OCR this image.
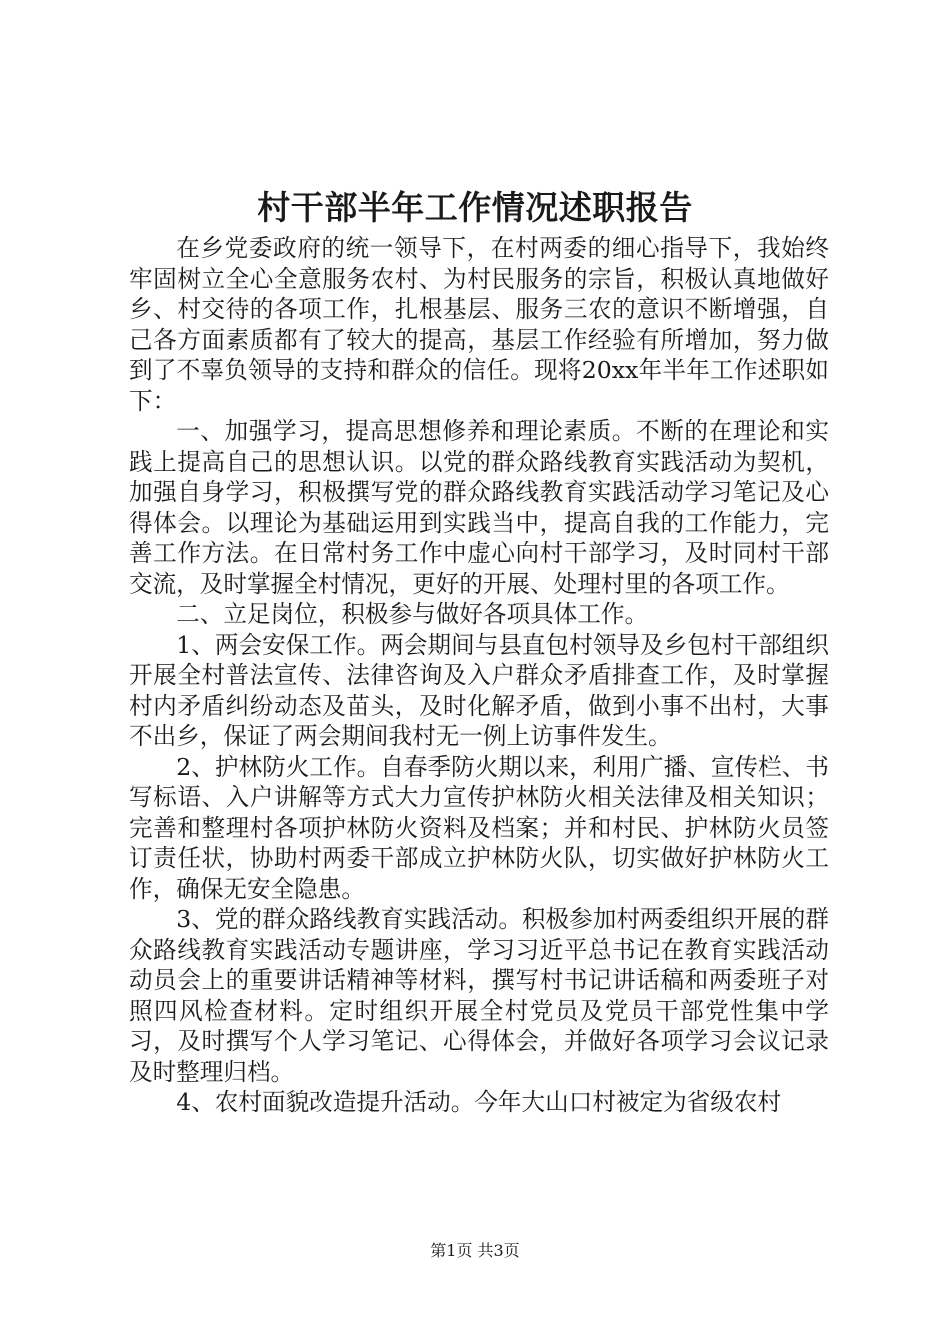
村干部半年工作情况述职报告

在乡党委政府的统一领导下，在村两委的细心指导下，我始终牢固树立全心全意服务农村、为村民服务的宗旨，积极认真地做好乡、村交待的各项工作，扎根基层、服务三农的意识不断增强，自己各方面素质都有了较大的提高，基层工作经验有所增加，努力做到了不辜负领导的支持和群众的信任。现将20xx年半年工作述职如下：

一、加强学习，提高思想修养和理论素质。不断的在理论和实践上提高自己的思想认识。以党的群众路线教育实践活动为契机，加强自身学习，积极撰写党的群众路线教育实践活动学习笔记及心得体会。以理论为基础运用到实践当中，提高自我的工作能力，完善工作方法。在日常村务工作中虚心向村干部学习，及时同村干部交流，及时掌握全村情况，更好的开展、处理村里的各项工作。

二、立足岗位，积极参与做好各项具体工作。

1、两会安保工作。两会期间与县直包村领导及乡包村干部组织开展全村普法宣传、法律咨询及入户群众矛盾排查工作，及时掌握村内矛盾纠纷动态及苗头，及时化解矛盾，做到小事不出村，大事不出乡，保证了两会期间我村无一例上访事件发生。

2、护林防火工作。自春季防火期以来，利用广播、宣传栏、书写标语、入户讲解等方式大力宣传护林防火相关法律及相关知识；完善和整理村各项护林防火资料及档案；并和村民、护林防火员签订责任状，协助村两委干部成立护林防火队，切实做好护林防火工作，确保无安全隐患。

3、党的群众路线教育实践活动。积极参加村两委组织开展的群众路线教育实践活动专题讲座，学习习近平总书记在教育实践活动动员会上的重要讲话精神等材料，撰写村书记讲话稿和两委班子对照四风检查材料。定时组织开展全村党员及党员干部党性集中学习，及时撰写个人学习笔记、心得体会，并做好各项学习会议记录及时整理归档。

4、农村面貌改造提升活动。今年大山口村被定为省级农村

第1页 共3页
